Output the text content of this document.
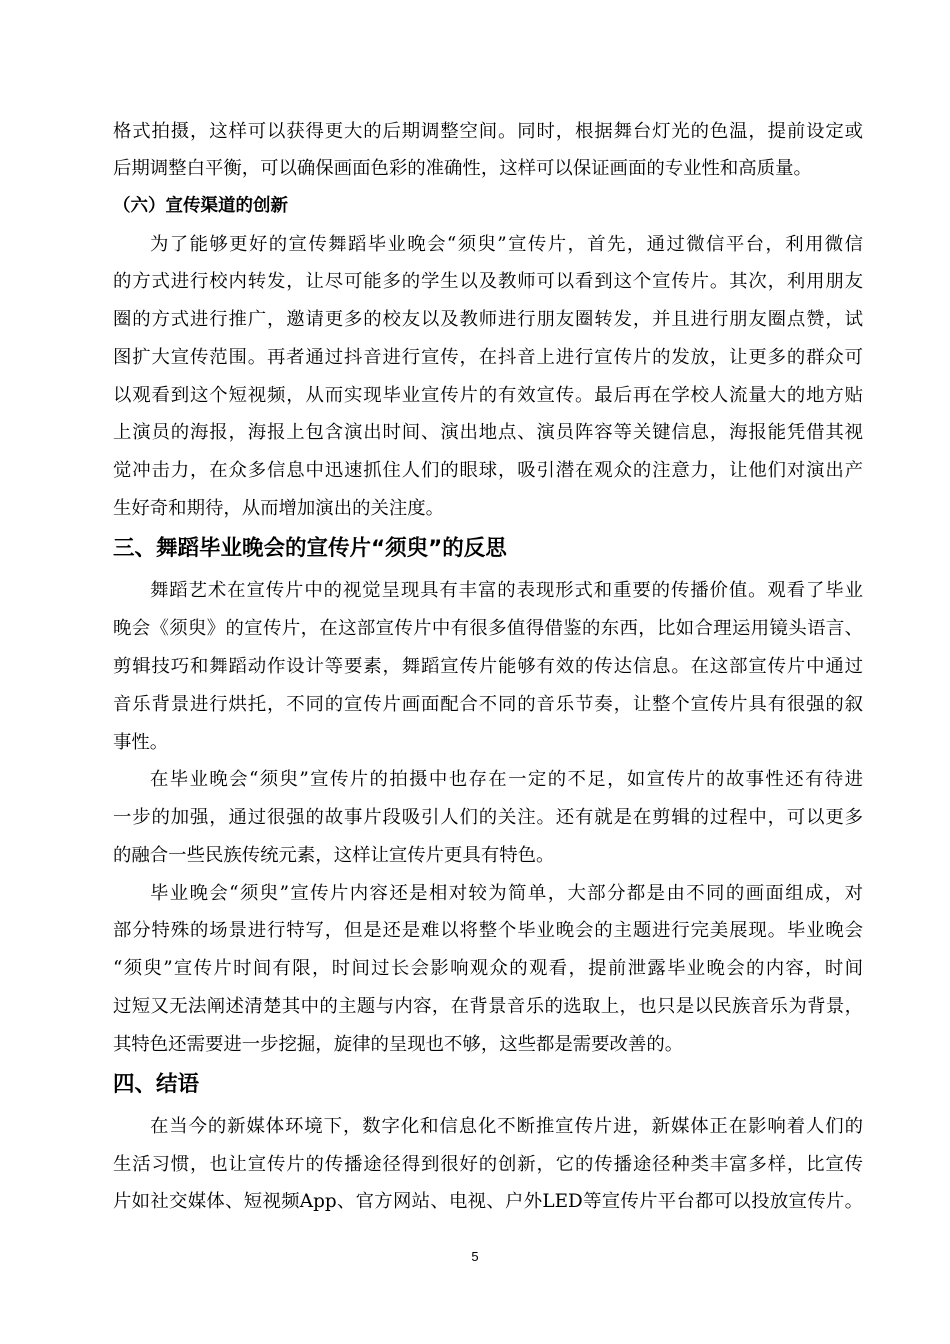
格式拍摄，这样可以获得更大的后期调整空间。同时，根据舞台灯光的色温，提前设定或
后期调整白平衡，可以确保画面色彩的准确性，这样可以保证画面的专业性和高质量。
（六）宣传渠道的创新
为了能够更好的宣传舞蹈毕业晚会“须臾”宣传片，首先，通过微信平台，利用微信
的方式进行校内转发，让尽可能多的学生以及教师可以看到这个宣传片。其次，利用朋友
圈的方式进行推广，邀请更多的校友以及教师进行朋友圈转发，并且进行朋友圈点赞，试
图扩大宣传范围。再者通过抖音进行宣传，在抖音上进行宣传片的发放，让更多的群众可
以观看到这个短视频，从而实现毕业宣传片的有效宣传。最后再在学校人流量大的地方贴
上演员的海报，海报上包含演出时间、演出地点、演员阵容等关键信息，海报能凭借其视
觉冲击力，在众多信息中迅速抓住人们的眼球，吸引潜在观众的注意力，让他们对演出产
生好奇和期待，从而增加演出的关注度。
三、舞蹈毕业晚会的宣传片“须臾”的反思
舞蹈艺术在宣传片中的视觉呈现具有丰富的表现形式和重要的传播价值。观看了毕业
晚会《须臾》的宣传片，在这部宣传片中有很多值得借鉴的东西，比如合理运用镜头语言、
剪辑技巧和舞蹈动作设计等要素，舞蹈宣传片能够有效的传达信息。在这部宣传片中通过
音乐背景进行烘托，不同的宣传片画面配合不同的音乐节奏，让整个宣传片具有很强的叙
事性。
在毕业晚会“须臾”宣传片的拍摄中也存在一定的不足，如宣传片的故事性还有待进
一步的加强，通过很强的故事片段吸引人们的关注。还有就是在剪辑的过程中，可以更多
的融合一些民族传统元素，这样让宣传片更具有特色。
毕业晚会“须臾”宣传片内容还是相对较为简单，大部分都是由不同的画面组成，对
部分特殊的场景进行特写，但是还是难以将整个毕业晚会的主题进行完美展现。毕业晚会
“须臾”宣传片时间有限，时间过长会影响观众的观看，提前泄露毕业晚会的内容，时间
过短又无法阐述清楚其中的主题与内容，在背景音乐的选取上，也只是以民族音乐为背景，
其特色还需要进一步挖掘，旋律的呈现也不够，这些都是需要改善的。
四、结语
在当今的新媒体环境下，数字化和信息化不断推宣传片进，新媒体正在影响着人们的
生活习惯，也让宣传片的传播途径得到很好的创新，它的传播途径种类丰富多样，比宣传
片如社交媒体、短视频App、官方网站、电视、户外LED等宣传片平台都可以投放宣传片。
5
